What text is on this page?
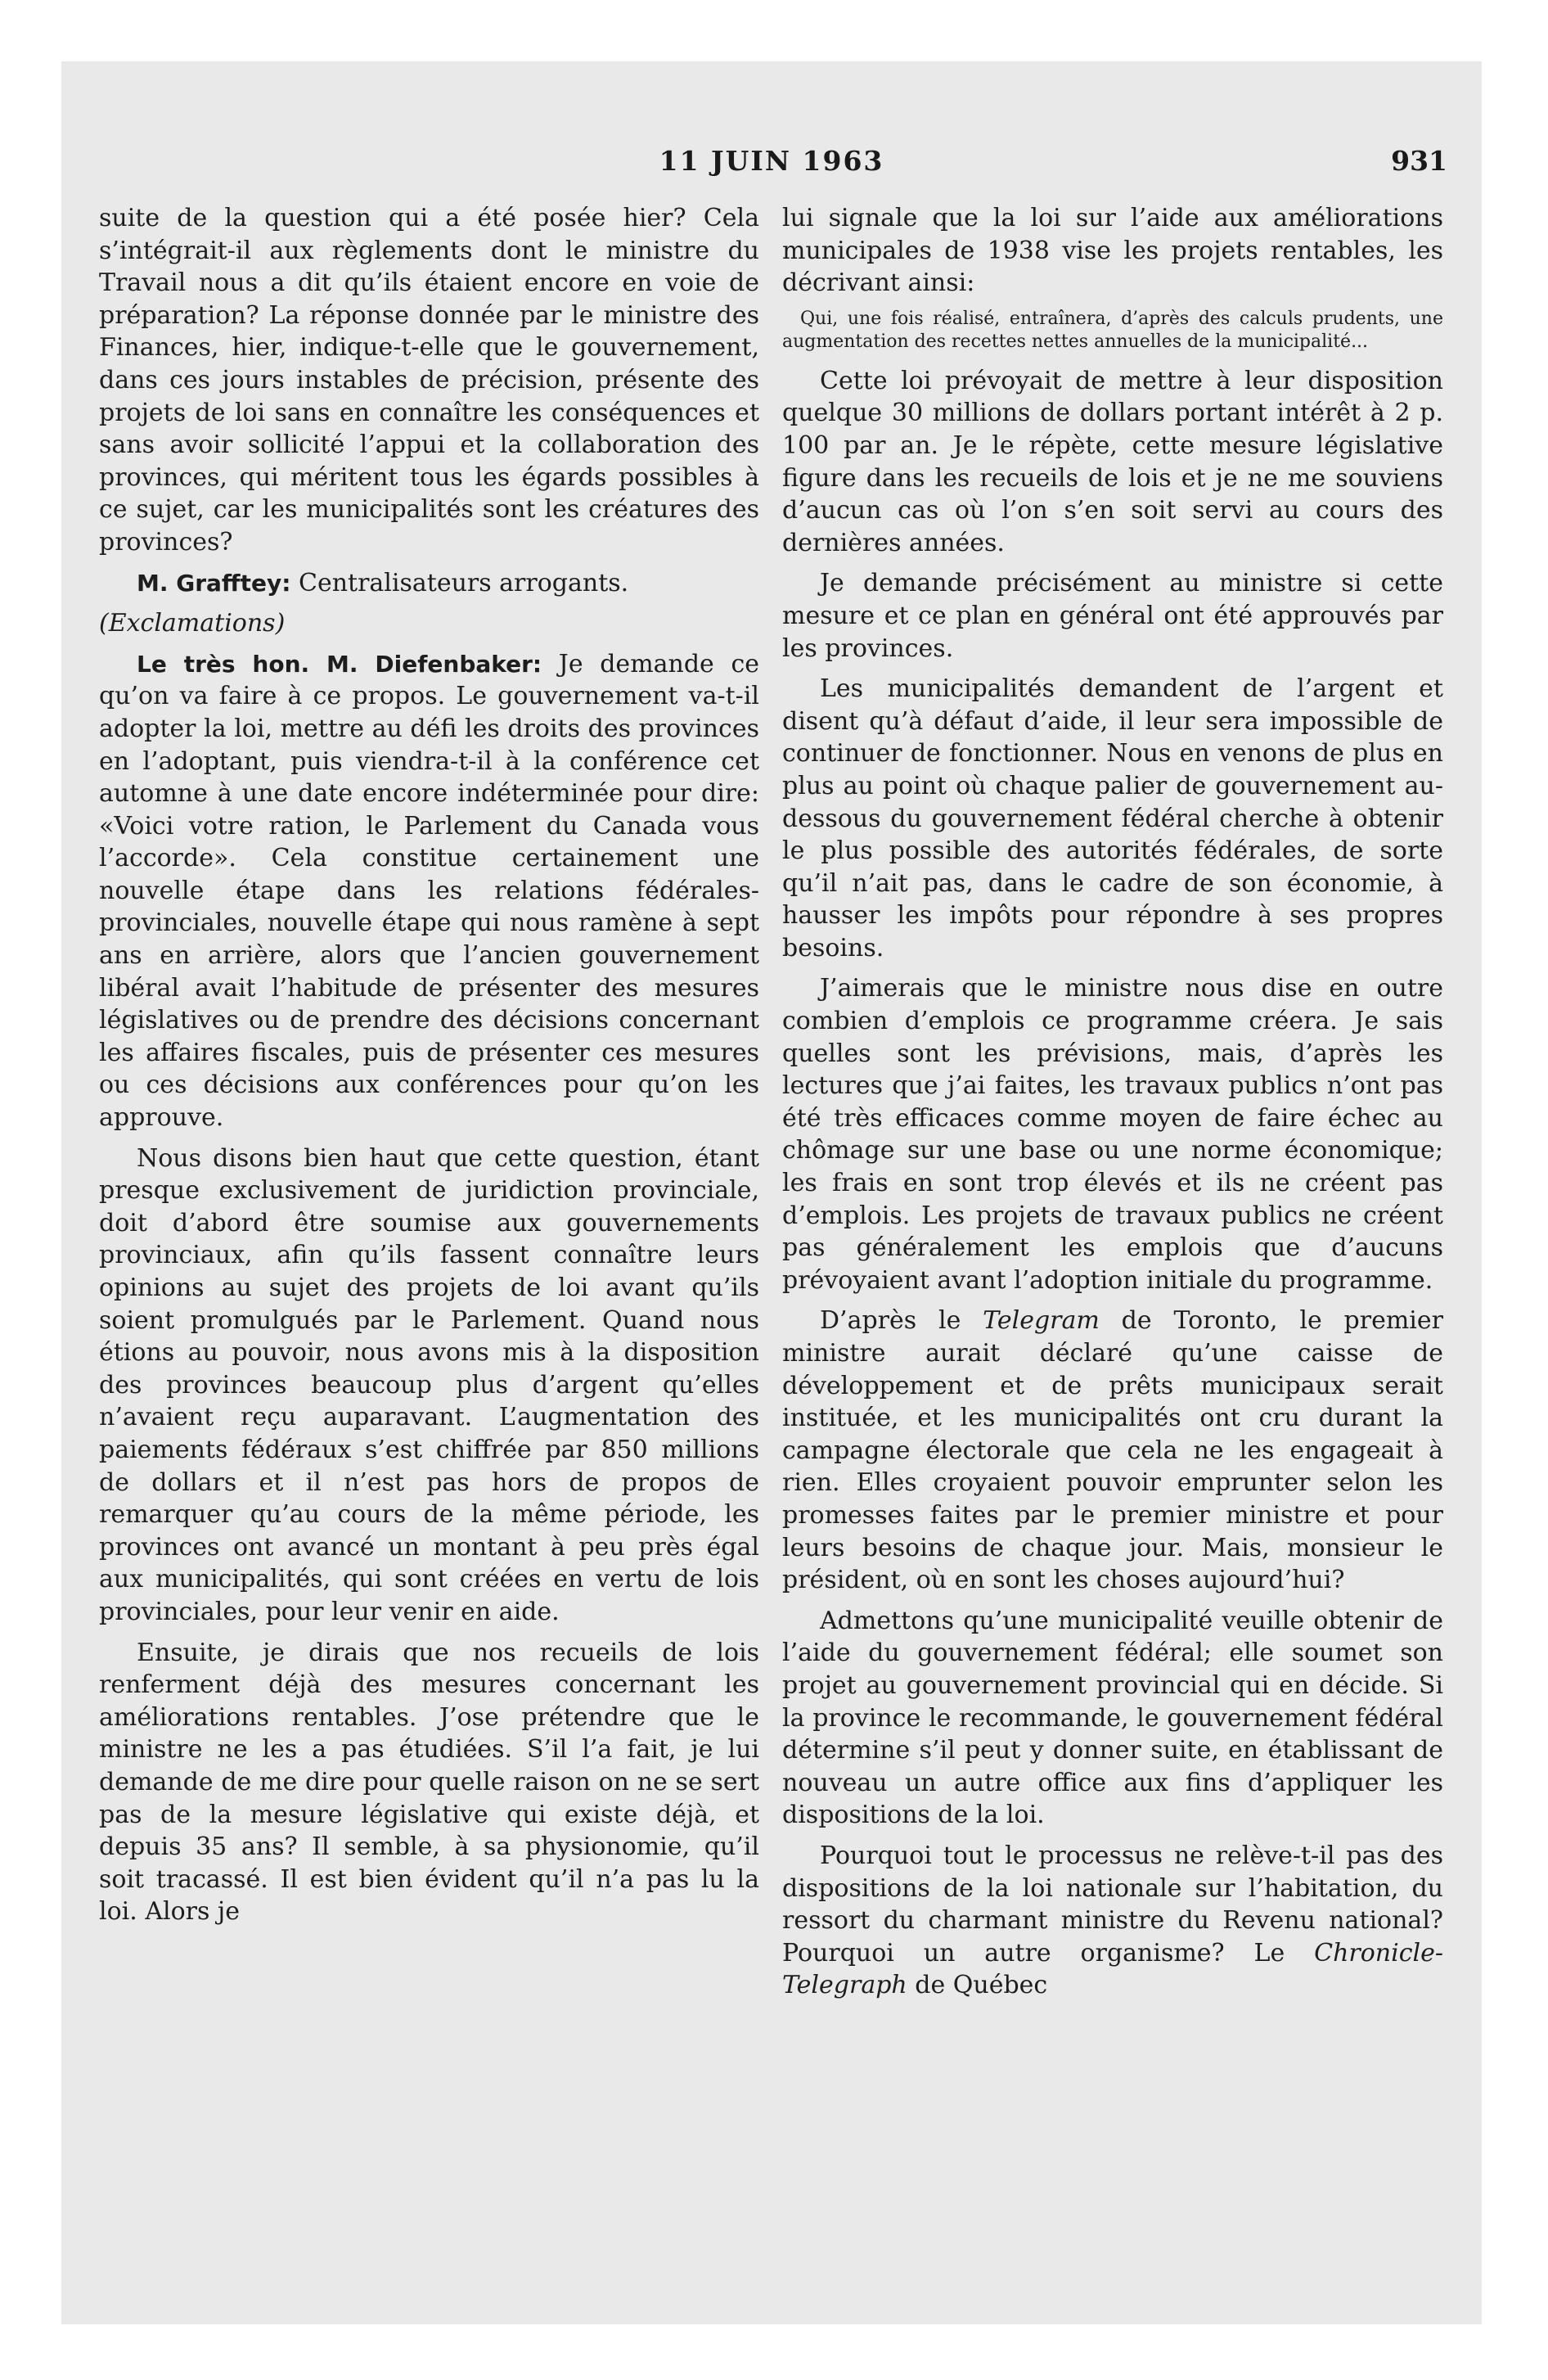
11 JUIN 1963	931

suite de la question qui a été posée hier? Cela s’intégrait-il aux règlements dont le ministre du Travail nous a dit qu’ils étaient encore en voie de préparation? La réponse donnée par le ministre des Finances, hier, indique-t-elle que le gouvernement, dans ces jours instables de précision, présente des projets de loi sans en connaître les conséquences et sans avoir sollicité l’appui et la collaboration des provinces, qui méritent tous les égards possibles à ce sujet, car les municipalités sont les créatures des provinces?

M. Grafftey: Centralisateurs arrogants.

(Exclamations)

Le très hon. M. Diefenbaker: Je demande ce qu’on va faire à ce propos. Le gouvernement va-t-il adopter la loi, mettre au défi les droits des provinces en l’adoptant, puis viendra-t-il à la conférence cet automne à une date encore indéterminée pour dire: «Voici votre ration, le Parlement du Canada vous l’accorde». Cela constitue certainement une nouvelle étape dans les relations fédérales-provinciales, nouvelle étape qui nous ramène à sept ans en arrière, alors que l’ancien gouvernement libéral avait l’habitude de présenter des mesures législatives ou de prendre des décisions concernant les affaires fiscales, puis de présenter ces mesures ou ces décisions aux conférences pour qu’on les approuve.

Nous disons bien haut que cette question, étant presque exclusivement de juridiction provinciale, doit d’abord être soumise aux gouvernements provinciaux, afin qu’ils fassent connaître leurs opinions au sujet des projets de loi avant qu’ils soient promulgués par le Parlement. Quand nous étions au pouvoir, nous avons mis à la disposition des provinces beaucoup plus d’argent qu’elles n’avaient reçu auparavant. L’augmentation des paiements fédéraux s’est chiffrée par 850 millions de dollars et il n’est pas hors de propos de remarquer qu’au cours de la même période, les provinces ont avancé un montant à peu près égal aux municipalités, qui sont créées en vertu de lois provinciales, pour leur venir en aide.

Ensuite, je dirais que nos recueils de lois renferment déjà des mesures concernant les améliorations rentables. J’ose prétendre que le ministre ne les a pas étudiées. S’il l’a fait, je lui demande de me dire pour quelle raison on ne se sert pas de la mesure législative qui existe déjà, et depuis 35 ans? Il semble, à sa physionomie, qu’il soit tracassé. Il est bien évident qu’il n’a pas lu la loi. Alors je

lui signale que la loi sur l’aide aux améliorations municipales de 1938 vise les projets rentables, les décrivant ainsi:

Qui, une fois réalisé, entraînera, d’après des calculs prudents, une augmentation des recettes nettes annuelles de la municipalité...

Cette loi prévoyait de mettre à leur disposition quelque 30 millions de dollars portant intérêt à 2 p. 100 par an. Je le répète, cette mesure législative figure dans les recueils de lois et je ne me souviens d’aucun cas où l’on s’en soit servi au cours des dernières années.

Je demande précisément au ministre si cette mesure et ce plan en général ont été approuvés par les provinces.

Les municipalités demandent de l’argent et disent qu’à défaut d’aide, il leur sera impossible de continuer de fonctionner. Nous en venons de plus en plus au point où chaque palier de gouvernement au-dessous du gouvernement fédéral cherche à obtenir le plus possible des autorités fédérales, de sorte qu’il n’ait pas, dans le cadre de son économie, à hausser les impôts pour répondre à ses propres besoins.

J’aimerais que le ministre nous dise en outre combien d’emplois ce programme créera. Je sais quelles sont les prévisions, mais, d’après les lectures que j’ai faites, les travaux publics n’ont pas été très efficaces comme moyen de faire échec au chômage sur une base ou une norme économique; les frais en sont trop élevés et ils ne créent pas d’emplois. Les projets de travaux publics ne créent pas généralement les emplois que d’aucuns prévoyaient avant l’adoption initiale du programme.

D’après le Telegram de Toronto, le premier ministre aurait déclaré qu’une caisse de développement et de prêts municipaux serait instituée, et les municipalités ont cru durant la campagne électorale que cela ne les engageait à rien. Elles croyaient pouvoir emprunter selon les promesses faites par le premier ministre et pour leurs besoins de chaque jour. Mais, monsieur le président, où en sont les choses aujourd’hui?

Admettons qu’une municipalité veuille obtenir de l’aide du gouvernement fédéral; elle soumet son projet au gouvernement provincial qui en décide. Si la province le recommande, le gouvernement fédéral détermine s’il peut y donner suite, en établissant de nouveau un autre office aux fins d’appliquer les dispositions de la loi.

Pourquoi tout le processus ne relève-t-il pas des dispositions de la loi nationale sur l’habitation, du ressort du charmant ministre du Revenu national? Pourquoi un autre organisme? Le Chronicle-Telegraph de Québec
